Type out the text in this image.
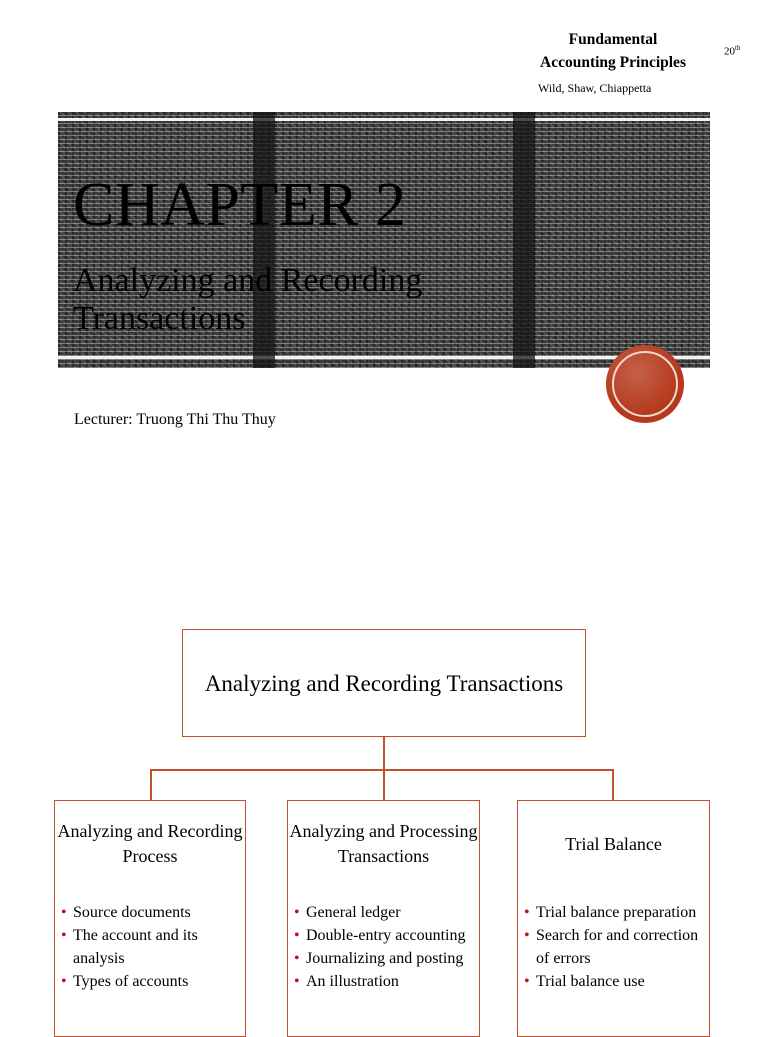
Fundamental
Accounting Principles
20th
Wild, Shaw, Chiappetta
CHAPTER 2
Analyzing and Recording Transactions
Lecturer: Truong Thi Thu Thuy
Analyzing and Recording Transactions
Analyzing and Recording Process
• Source documents
• The account and its analysis
• Types of accounts
Analyzing and Processing Transactions
• General ledger
• Double-entry accounting
• Journalizing and posting
• An illustration
Trial Balance
• Trial balance preparation
• Search for and correction of errors
• Trial balance use
